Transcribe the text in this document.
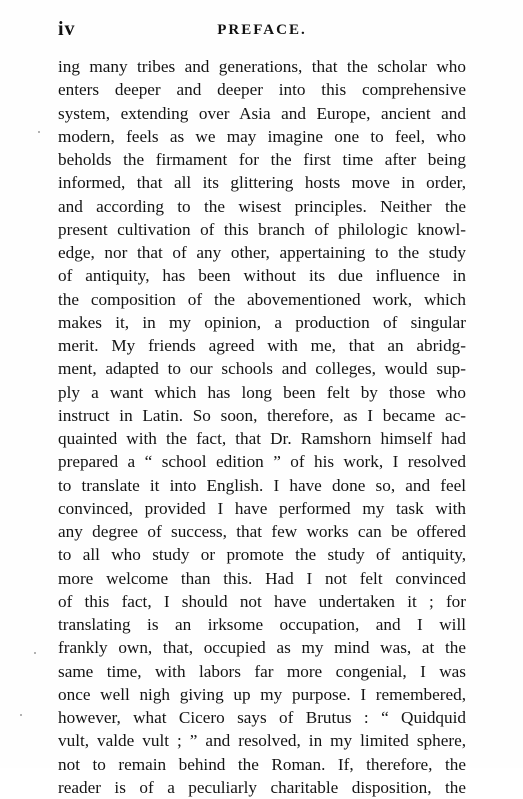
iv	PREFACE.
ing many tribes and generations, that the scholar who
enters deeper and deeper into this comprehensive
system, extending over Asia and Europe, ancient and
modern, feels as we may imagine one to feel, who
beholds the firmament for the first time after being
informed, that all its glittering hosts move in order,
and according to the wisest principles. Neither the
present cultivation of this branch of philologic knowl-
edge, nor that of any other, appertaining to the study
of antiquity, has been without its due influence in
the composition of the abovementioned work, which
makes it, in my opinion, a production of singular
merit. My friends agreed with me, that an abridg-
ment, adapted to our schools and colleges, would sup-
ply a want which has long been felt by those who
instruct in Latin. So soon, therefore, as I became ac-
quainted with the fact, that Dr. Ramshorn himself had
prepared a “ school edition ” of his work, I resolved
to translate it into English. I have done so, and feel
convinced, provided I have performed my task with
any degree of success, that few works can be offered
to all who study or promote the study of antiquity,
more welcome than this. Had I not felt convinced
of this fact, I should not have undertaken it ; for
translating is an irksome occupation, and I will
frankly own, that, occupied as my mind was, at the
same time, with labors far more congenial, I was
once well nigh giving up my purpose. I remembered,
however, what Cicero says of Brutus : “ Quidquid
vult, valde vult ; ” and resolved, in my limited sphere,
not to remain behind the Roman. If, therefore, the
reader is of a peculiarly charitable disposition, the
